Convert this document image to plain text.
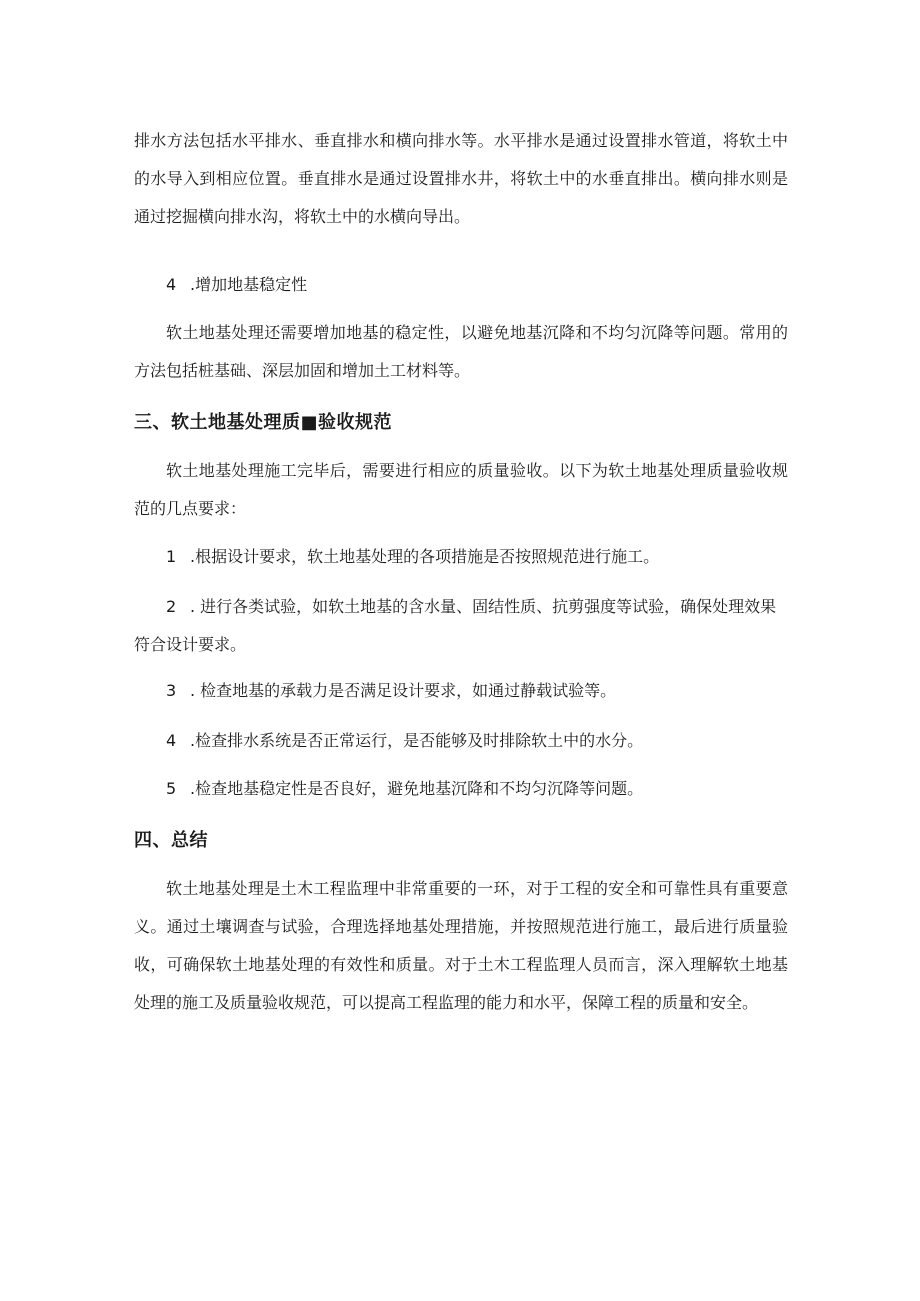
排水方法包括水平排水、垂直排水和横向排水等。水平排水是通过设置排水管道，将软土中的水导入到相应位置。垂直排水是通过设置排水井，将软土中的水垂直排出。横向排水则是通过挖掘横向排水沟，将软土中的水横向导出。

4 .增加地基稳定性

软土地基处理还需要增加地基的稳定性，以避免地基沉降和不均匀沉降等问题。常用的方法包括桩基础、深层加固和增加土工材料等。

三、软土地基处理质■验收规范

软土地基处理施工完毕后，需要进行相应的质量验收。以下为软土地基处理质量验收规范的几点要求：

1 .根据设计要求，软土地基处理的各项措施是否按照规范进行施工。

2 . 进行各类试验，如软土地基的含水量、固结性质、抗剪强度等试验，确保处理效果符合设计要求。

3 . 检查地基的承载力是否满足设计要求，如通过静载试验等。

4 .检查排水系统是否正常运行，是否能够及时排除软土中的水分。

5 .检查地基稳定性是否良好，避免地基沉降和不均匀沉降等问题。

四、总结

软土地基处理是土木工程监理中非常重要的一环，对于工程的安全和可靠性具有重要意义。通过土壤调查与试验，合理选择地基处理措施，并按照规范进行施工，最后进行质量验收，可确保软土地基处理的有效性和质量。对于土木工程监理人员而言，深入理解软土地基处理的施工及质量验收规范，可以提高工程监理的能力和水平，保障工程的质量和安全。
